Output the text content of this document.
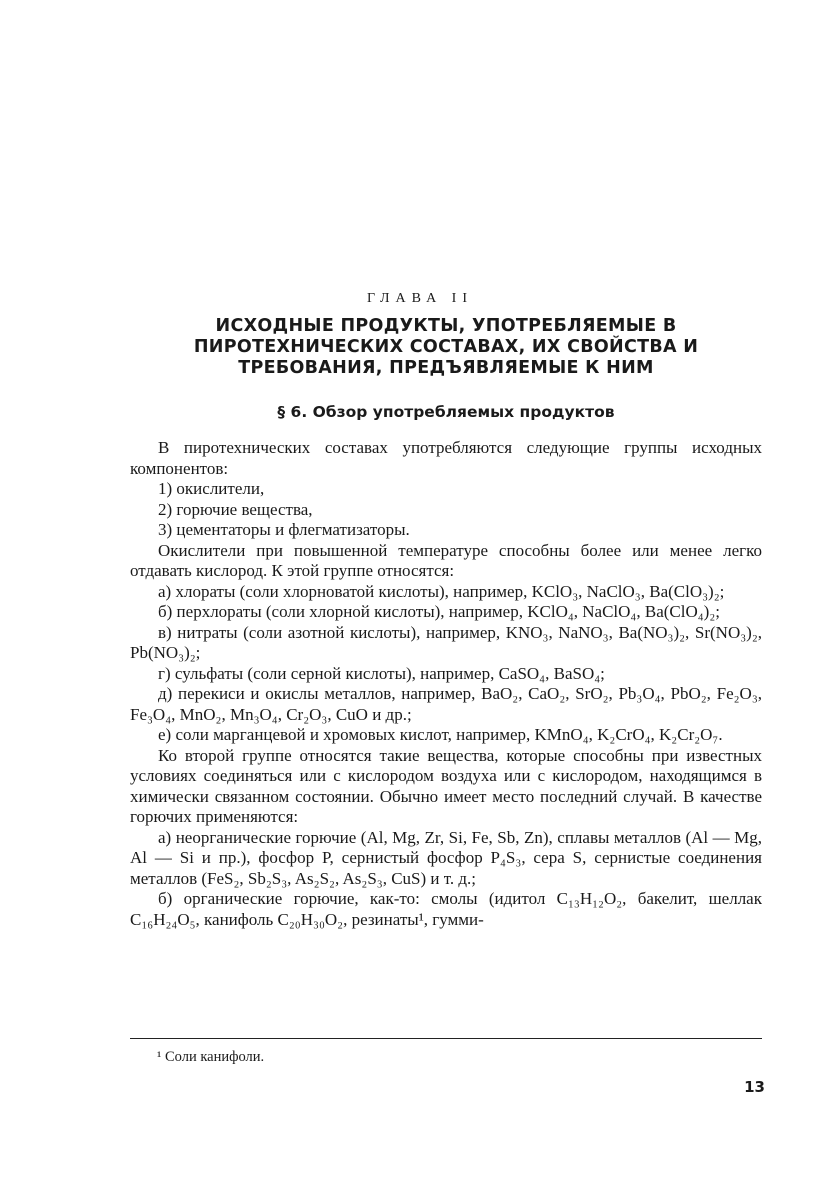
ГЛАВА II
ИСХОДНЫЕ ПРОДУКТЫ, УПОТРЕБЛЯЕМЫЕ В ПИРОТЕХНИЧЕСКИХ СОСТАВАХ, ИХ СВОЙСТВА И ТРЕБОВАНИЯ, ПРЕДЪЯВЛЯЕМЫЕ К НИМ
§ 6. Обзор употребляемых продуктов

В пиротехнических составах употребляются следующие группы исходных компонентов:

1) окислители,

2) горючие вещества,

3) цементаторы и флегматизаторы.

Окислители при повышенной температуре способны более или менее легко отдавать кислород. К этой группе относятся:

а) хлораты (соли хлорноватой кислоты), например, KClO₃, NaClO₃, Ba(ClO₃)₂;

б) перхлораты (соли хлорной кислоты), например, KClO₄, NaClO₄, Ba(ClO₄)₂;

в) нитраты (соли азотной кислоты), например, KNO₃, NaNO₃, Ba(NO₃)₂, Sr(NO₃)₂, Pb(NO₃)₂;

г) сульфаты (соли серной кислоты), например, CaSO₄, BaSO₄;

д) перекиси и окислы металлов, например, BaO₂, CaO₂, SrO₂, Pb₃O₄, PbO₂, Fe₂O₃, Fe₃O₄, MnO₂, Mn₃O₄, Cr₂O₃, CuO и др.;

е) соли марганцевой и хромовых кислот, например, KMnO₄, K₂CrO₄, K₂Cr₂O₇.

Ко второй группе относятся такие вещества, которые способны при известных условиях соединяться или с кислородом воздуха или с кислородом, находящимся в химически связанном состоянии. Обычно имеет место последний случай. В качестве горючих применяются:

а) неорганические горючие (Al, Mg, Zr, Si, Fe, Sb, Zn), сплавы металлов (Al — Mg, Al — Si и пр.), фосфор P, сернистый фосфор P₄S₃, сера S, сернистые соединения металлов (FeS₂, Sb₂S₃, As₂S₂, As₂S₃, CuS) и т. д.;

б) органические горючие, как-то: смолы (идитол C₁₃H₁₂O₂, бакелит, шеллак C₁₆H₂₄O₅, канифоль C₂₀H₃₀O₂, резинаты¹, гумми-

¹ Соли канифоли.
13
